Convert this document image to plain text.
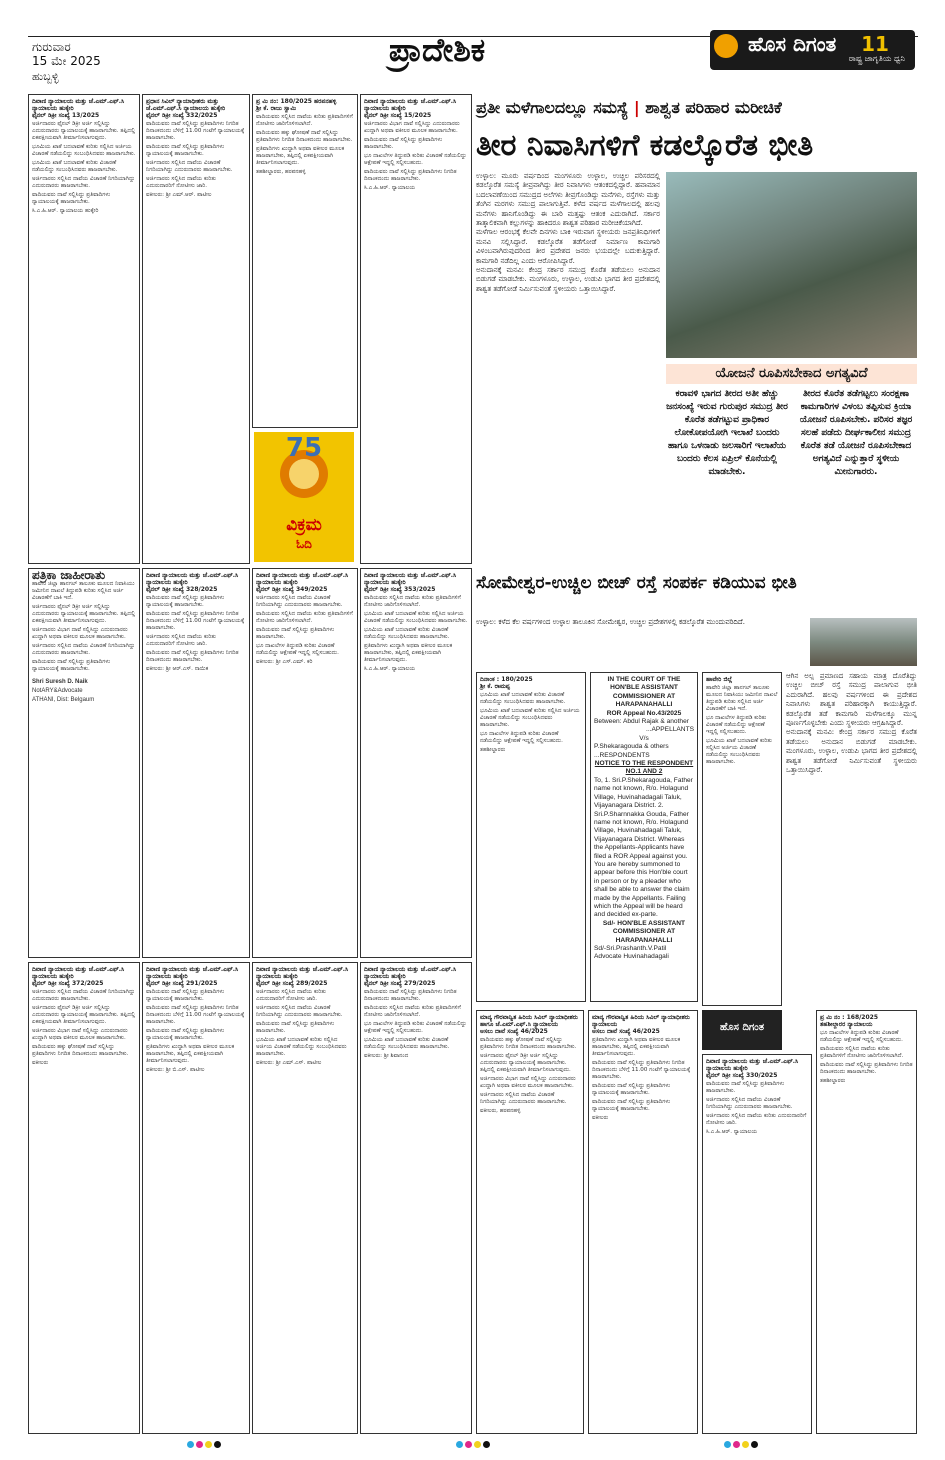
ಗುರುವಾರ
15 ಮೇ 2025
ಹುಬ್ಬಳ್ಳಿ
ಪ್ರಾದೇಶಿಕ	ಹೊಸ ದಿಗಂತ
ರಾಷ್ಟ್ರ ಜಾಗೃತಿಯ ಧ್ವನಿ
11
ದಿವಾಣಿ ನ್ಯಾಯಾಲಯ ಮತ್ತು ಜೆ.ಎಮ್.ಎಫ್.ಸಿ ನ್ಯಾಯಾಲಯ ಹುಕ್ಕೇರಿ
ಫೈನಲ್ ಡಿಕ್ರೀ ಸಂಖ್ಯೆ 13/2025
ಅರ್ಜಿದಾರರು ಫೈನಲ್ ಡಿಕ್ರೀ ಅರ್ಜಿ ಸಲ್ಲಿಸಿದ್ದು ಎದುರುದಾರರು ನ್ಯಾಯಾಲಯಕ್ಕೆ ಹಾಜರಾಗಬೇಕು. ತಪ್ಪಿದಲ್ಲಿ ಏಕಪಕ್ಷೀಯವಾಗಿ ತೀರ್ಮಾನಿಸಲಾಗುವುದು.
ಭೂಮಿಯ ಖಾತೆ ಬದಲಾವಣೆ ಕುರಿತು ಸಲ್ಲಿಸಿದ ಅರ್ಜಿಯ ವಿಚಾರಣೆ ನಡೆಯಲಿದ್ದು ಸಂಬಂಧಿಸಿದವರು ಹಾಜರಾಗಬೇಕು.
ಭೂಮಿಯ ಖಾತೆ ಬದಲಾವಣೆ ಕುರಿತು ವಿಚಾರಣೆ ನಡೆಯಲಿದ್ದು ಸಂಬಂಧಿಸಿದವರು ಹಾಜರಾಗಬೇಕು.
ಅರ್ಜಿದಾರರು ಸಲ್ಲಿಸಿದ ದಾವೆಯ ವಿಚಾರಣೆ ನಿಗದಿಯಾಗಿದ್ದು ಎದುರುದಾರರು ಹಾಜರಾಗಬೇಕು.
ವಾದಿಯವರು ದಾವೆ ಸಲ್ಲಿಸಿದ್ದು ಪ್ರತಿವಾದಿಗಳು ನ್ಯಾಯಾಲಯಕ್ಕೆ ಹಾಜರಾಗಬೇಕು.
ಸಿ.ಎ.ಹಿ.ಆರ್. ನ್ಯಾಯಾಲಯ ಹುಕ್ಕೇರಿ
ಪ್ರಧಾನ ಸಿವಿಲ್ ನ್ಯಾಯಾಧೀಶರು ಮತ್ತು ಜೆ.ಎಮ್.ಎಫ್.ಸಿ ನ್ಯಾಯಾಲಯ ಹುಕ್ಕೇರಿ
ಫೈನಲ್ ಡಿಕ್ರೀ ಸಂಖ್ಯೆ 332/2025
ವಾದಿಯವರು ದಾವೆ ಸಲ್ಲಿಸಿದ್ದು ಪ್ರತಿವಾದಿಗಳು ನಿಗದಿತ ದಿನಾಂಕದಂದು ಬೆಳಿಗ್ಗೆ 11.00 ಗಂಟೆಗೆ ನ್ಯಾಯಾಲಯಕ್ಕೆ ಹಾಜರಾಗಬೇಕು.
ವಾದಿಯವರು ದಾವೆ ಸಲ್ಲಿಸಿದ್ದು ಪ್ರತಿವಾದಿಗಳು ನ್ಯಾಯಾಲಯಕ್ಕೆ ಹಾಜರಾಗಬೇಕು.
ಅರ್ಜಿದಾರರು ಸಲ್ಲಿಸಿದ ದಾವೆಯ ವಿಚಾರಣೆ ನಿಗದಿಯಾಗಿದ್ದು ಎದುರುದಾರರು ಹಾಜರಾಗಬೇಕು.
ಅರ್ಜಿದಾರರು ಸಲ್ಲಿಸಿದ ದಾವೆಯ ಕುರಿತು ಎದುರುದಾರರಿಗೆ ನೋಟೀಸು ಜಾರಿ.
ವಕೀಲರು: ಶ್ರೀ ಎಮ್.ಆರ್. ಪಾಟೀಲ
ಪ್ರ ಮಿ ನಂ: 180/2025 ಹರಪನಹಳ್ಳಿ
ಶ್ರೀ ಕೆ. ರಾಜು ಸ್ವಾಮಿ
ವಾದಿಯವರು ಸಲ್ಲಿಸಿದ ದಾವೆಯ ಕುರಿತು ಪ್ರತಿವಾದಿಗಳಿಗೆ ನೋಟೀಸು ಜಾರಿಗೊಳಿಸಲಾಗಿದೆ.
ವಾದಿಯವರು ಹಕ್ಕು ಘೋಷಣೆ ದಾವೆ ಸಲ್ಲಿಸಿದ್ದು ಪ್ರತಿವಾದಿಗಳು ನಿಗದಿತ ದಿನಾಂಕದಂದು ಹಾಜರಾಗಬೇಕು.
ಪ್ರತಿವಾದಿಗಳು ಖುದ್ದಾಗಿ ಅಥವಾ ವಕೀಲರ ಮೂಲಕ ಹಾಜರಾಗಬೇಕು, ತಪ್ಪಿದಲ್ಲಿ ಏಕಪಕ್ಷೀಯವಾಗಿ ತೀರ್ಮಾನಿಸಲಾಗುವುದು.
ತಹಶೀಲ್ದಾರರು, ಹರಪನಹಳ್ಳಿ
ದಿವಾಣಿ ನ್ಯಾಯಾಲಯ ಮತ್ತು ಜೆ.ಎಮ್.ಎಫ್.ಸಿ ನ್ಯಾಯಾಲಯ ಹುಕ್ಕೇರಿ
ಫೈನಲ್ ಡಿಕ್ರೀ ಸಂಖ್ಯೆ 15/2025
ಅರ್ಜಿದಾರರು ವಿಭಾಗ ದಾವೆ ಸಲ್ಲಿಸಿದ್ದು ಎದುರುದಾರರು ಖುದ್ದಾಗಿ ಅಥವಾ ವಕೀಲರ ಮೂಲಕ ಹಾಜರಾಗಬೇಕು.
ವಾದಿಯವರು ದಾವೆ ಸಲ್ಲಿಸಿದ್ದು ಪ್ರತಿವಾದಿಗಳು ಹಾಜರಾಗಬೇಕು.
ಭೂ ದಾಖಲೆಗಳ ತಿದ್ದುಪಡಿ ಕುರಿತು ವಿಚಾರಣೆ ನಡೆಯಲಿದ್ದು ಆಕ್ಷೇಪಣೆ ಇದ್ದಲ್ಲಿ ಸಲ್ಲಿಸಬಹುದು.
ವಾದಿಯವರು ದಾವೆ ಸಲ್ಲಿಸಿದ್ದು ಪ್ರತಿವಾದಿಗಳು ನಿಗದಿತ ದಿನಾಂಕದಂದು ಹಾಜರಾಗಬೇಕು.
ಸಿ.ಎ.ಹಿ.ಆರ್. ನ್ಯಾಯಾಲಯ
75
ವಿಕ್ರಮ
ಓದಿ
ಪತ್ರಿಕಾ ಜಾಹೀರಾತು
ಹಾವೇರಿ ಜಿಲ್ಲಾ ಹಾನಗಲ್ ತಾಲೂಕು ಮೂಲದ ನಿವಾಸಿಯು ಜಮೀನಿನ ದಾಖಲೆ ತಿದ್ದುಪಡಿ ಕುರಿತು ಸಲ್ಲಿಸಿದ ಅರ್ಜಿ ವಿಚಾರಣೆಗೆ ಬಾಕಿ ಇದೆ.
ಅರ್ಜಿದಾರರು ಫೈನಲ್ ಡಿಕ್ರೀ ಅರ್ಜಿ ಸಲ್ಲಿಸಿದ್ದು ಎದುರುದಾರರು ನ್ಯಾಯಾಲಯಕ್ಕೆ ಹಾಜರಾಗಬೇಕು. ತಪ್ಪಿದಲ್ಲಿ ಏಕಪಕ್ಷೀಯವಾಗಿ ತೀರ್ಮಾನಿಸಲಾಗುವುದು.
ಅರ್ಜಿದಾರರು ವಿಭಾಗ ದಾವೆ ಸಲ್ಲಿಸಿದ್ದು ಎದುರುದಾರರು ಖುದ್ದಾಗಿ ಅಥವಾ ವಕೀಲರ ಮೂಲಕ ಹಾಜರಾಗಬೇಕು.
ಅರ್ಜಿದಾರರು ಸಲ್ಲಿಸಿದ ದಾವೆಯ ವಿಚಾರಣೆ ನಿಗದಿಯಾಗಿದ್ದು ಎದುರುದಾರರು ಹಾಜರಾಗಬೇಕು.
ವಾದಿಯವರು ದಾವೆ ಸಲ್ಲಿಸಿದ್ದು ಪ್ರತಿವಾದಿಗಳು ನ್ಯಾಯಾಲಯಕ್ಕೆ ಹಾಜರಾಗಬೇಕು.
Shri Suresh D. Naik
NotARY&Advocate
ATHANI, Dist: Belgaum
ದಿವಾಣಿ ನ್ಯಾಯಾಲಯ ಮತ್ತು ಜೆ.ಎಮ್.ಎಫ್.ಸಿ ನ್ಯಾಯಾಲಯ ಹುಕ್ಕೇರಿ
ಫೈನಲ್ ಡಿಕ್ರೀ ಸಂಖ್ಯೆ 328/2025
ವಾದಿಯವರು ದಾವೆ ಸಲ್ಲಿಸಿದ್ದು ಪ್ರತಿವಾದಿಗಳು ನ್ಯಾಯಾಲಯಕ್ಕೆ ಹಾಜರಾಗಬೇಕು.
ವಾದಿಯವರು ದಾವೆ ಸಲ್ಲಿಸಿದ್ದು ಪ್ರತಿವಾದಿಗಳು ನಿಗದಿತ ದಿನಾಂಕದಂದು ಬೆಳಿಗ್ಗೆ 11.00 ಗಂಟೆಗೆ ನ್ಯಾಯಾಲಯಕ್ಕೆ ಹಾಜರಾಗಬೇಕು.
ಅರ್ಜಿದಾರರು ಸಲ್ಲಿಸಿದ ದಾವೆಯ ಕುರಿತು ಎದುರುದಾರರಿಗೆ ನೋಟೀಸು ಜಾರಿ.
ವಾದಿಯವರು ದಾವೆ ಸಲ್ಲಿಸಿದ್ದು ಪ್ರತಿವಾದಿಗಳು ನಿಗದಿತ ದಿನಾಂಕದಂದು ಹಾಜರಾಗಬೇಕು.
ವಕೀಲರು: ಶ್ರೀ ಆರ್.ಎಸ್. ನಾಯಿಕ
ದಿವಾಣಿ ನ್ಯಾಯಾಲಯ ಮತ್ತು ಜೆ.ಎಮ್.ಎಫ್.ಸಿ ನ್ಯಾಯಾಲಯ ಹುಕ್ಕೇರಿ
ಫೈನಲ್ ಡಿಕ್ರೀ ಸಂಖ್ಯೆ 349/2025
ಅರ್ಜಿದಾರರು ಸಲ್ಲಿಸಿದ ದಾವೆಯ ವಿಚಾರಣೆ ನಿಗದಿಯಾಗಿದ್ದು ಎದುರುದಾರರು ಹಾಜರಾಗಬೇಕು.
ವಾದಿಯವರು ಸಲ್ಲಿಸಿದ ದಾವೆಯ ಕುರಿತು ಪ್ರತಿವಾದಿಗಳಿಗೆ ನೋಟೀಸು ಜಾರಿಗೊಳಿಸಲಾಗಿದೆ.
ವಾದಿಯವರು ದಾವೆ ಸಲ್ಲಿಸಿದ್ದು ಪ್ರತಿವಾದಿಗಳು ಹಾಜರಾಗಬೇಕು.
ಭೂ ದಾಖಲೆಗಳ ತಿದ್ದುಪಡಿ ಕುರಿತು ವಿಚಾರಣೆ ನಡೆಯಲಿದ್ದು ಆಕ್ಷೇಪಣೆ ಇದ್ದಲ್ಲಿ ಸಲ್ಲಿಸಬಹುದು.
ವಕೀಲರು: ಶ್ರೀ ಎಸ್.ಎಮ್. ಕರಿ
ದಿವಾಣಿ ನ್ಯಾಯಾಲಯ ಮತ್ತು ಜೆ.ಎಮ್.ಎಫ್.ಸಿ ನ್ಯಾಯಾಲಯ ಹುಕ್ಕೇರಿ
ಫೈನಲ್ ಡಿಕ್ರೀ ಸಂಖ್ಯೆ 353/2025
ವಾದಿಯವರು ಸಲ್ಲಿಸಿದ ದಾವೆಯ ಕುರಿತು ಪ್ರತಿವಾದಿಗಳಿಗೆ ನೋಟೀಸು ಜಾರಿಗೊಳಿಸಲಾಗಿದೆ.
ಭೂಮಿಯ ಖಾತೆ ಬದಲಾವಣೆ ಕುರಿತು ಸಲ್ಲಿಸಿದ ಅರ್ಜಿಯ ವಿಚಾರಣೆ ನಡೆಯಲಿದ್ದು ಸಂಬಂಧಿಸಿದವರು ಹಾಜರಾಗಬೇಕು.
ಭೂಮಿಯ ಖಾತೆ ಬದಲಾವಣೆ ಕುರಿತು ವಿಚಾರಣೆ ನಡೆಯಲಿದ್ದು ಸಂಬಂಧಿಸಿದವರು ಹಾಜರಾಗಬೇಕು.
ಪ್ರತಿವಾದಿಗಳು ಖುದ್ದಾಗಿ ಅಥವಾ ವಕೀಲರ ಮೂಲಕ ಹಾಜರಾಗಬೇಕು, ತಪ್ಪಿದಲ್ಲಿ ಏಕಪಕ್ಷೀಯವಾಗಿ ತೀರ್ಮಾನಿಸಲಾಗುವುದು.
ಸಿ.ಎ.ಹಿ.ಆರ್. ನ್ಯಾಯಾಲಯ
ದಿವಾಣಿ ನ್ಯಾಯಾಲಯ ಮತ್ತು ಜೆ.ಎಮ್.ಎಫ್.ಸಿ ನ್ಯಾಯಾಲಯ ಹುಕ್ಕೇರಿ
ಫೈನಲ್ ಡಿಕ್ರೀ ಸಂಖ್ಯೆ 372/2025
ಅರ್ಜಿದಾರರು ಸಲ್ಲಿಸಿದ ದಾವೆಯ ವಿಚಾರಣೆ ನಿಗದಿಯಾಗಿದ್ದು ಎದುರುದಾರರು ಹಾಜರಾಗಬೇಕು.
ಅರ್ಜಿದಾರರು ಫೈನಲ್ ಡಿಕ್ರೀ ಅರ್ಜಿ ಸಲ್ಲಿಸಿದ್ದು ಎದುರುದಾರರು ನ್ಯಾಯಾಲಯಕ್ಕೆ ಹಾಜರಾಗಬೇಕು. ತಪ್ಪಿದಲ್ಲಿ ಏಕಪಕ್ಷೀಯವಾಗಿ ತೀರ್ಮಾನಿಸಲಾಗುವುದು.
ಅರ್ಜಿದಾರರು ವಿಭಾಗ ದಾವೆ ಸಲ್ಲಿಸಿದ್ದು ಎದುರುದಾರರು ಖುದ್ದಾಗಿ ಅಥವಾ ವಕೀಲರ ಮೂಲಕ ಹಾಜರಾಗಬೇಕು.
ವಾದಿಯವರು ಹಕ್ಕು ಘೋಷಣೆ ದಾವೆ ಸಲ್ಲಿಸಿದ್ದು ಪ್ರತಿವಾದಿಗಳು ನಿಗದಿತ ದಿನಾಂಕದಂದು ಹಾಜರಾಗಬೇಕು.
ವಕೀಲರು
ದಿವಾಣಿ ನ್ಯಾಯಾಲಯ ಮತ್ತು ಜೆ.ಎಮ್.ಎಫ್.ಸಿ ನ್ಯಾಯಾಲಯ ಹುಕ್ಕೇರಿ
ಫೈನಲ್ ಡಿಕ್ರೀ ಸಂಖ್ಯೆ 291/2025
ವಾದಿಯವರು ದಾವೆ ಸಲ್ಲಿಸಿದ್ದು ಪ್ರತಿವಾದಿಗಳು ನ್ಯಾಯಾಲಯಕ್ಕೆ ಹಾಜರಾಗಬೇಕು.
ವಾದಿಯವರು ದಾವೆ ಸಲ್ಲಿಸಿದ್ದು ಪ್ರತಿವಾದಿಗಳು ನಿಗದಿತ ದಿನಾಂಕದಂದು ಬೆಳಿಗ್ಗೆ 11.00 ಗಂಟೆಗೆ ನ್ಯಾಯಾಲಯಕ್ಕೆ ಹಾಜರಾಗಬೇಕು.
ವಾದಿಯವರು ದಾವೆ ಸಲ್ಲಿಸಿದ್ದು ಪ್ರತಿವಾದಿಗಳು ನ್ಯಾಯಾಲಯಕ್ಕೆ ಹಾಜರಾಗಬೇಕು.
ಪ್ರತಿವಾದಿಗಳು ಖುದ್ದಾಗಿ ಅಥವಾ ವಕೀಲರ ಮೂಲಕ ಹಾಜರಾಗಬೇಕು, ತಪ್ಪಿದಲ್ಲಿ ಏಕಪಕ್ಷೀಯವಾಗಿ ತೀರ್ಮಾನಿಸಲಾಗುವುದು.
ವಕೀಲರು: ಶ್ರೀ ಬಿ.ಎಸ್. ಪಾಟೀಲ
ದಿವಾಣಿ ನ್ಯಾಯಾಲಯ ಮತ್ತು ಜೆ.ಎಮ್.ಎಫ್.ಸಿ ನ್ಯಾಯಾಲಯ ಹುಕ್ಕೇರಿ
ಫೈನಲ್ ಡಿಕ್ರೀ ಸಂಖ್ಯೆ 289/2025
ಅರ್ಜಿದಾರರು ಸಲ್ಲಿಸಿದ ದಾವೆಯ ಕುರಿತು ಎದುರುದಾರರಿಗೆ ನೋಟೀಸು ಜಾರಿ.
ಅರ್ಜಿದಾರರು ಸಲ್ಲಿಸಿದ ದಾವೆಯ ವಿಚಾರಣೆ ನಿಗದಿಯಾಗಿದ್ದು ಎದುರುದಾರರು ಹಾಜರಾಗಬೇಕು.
ವಾದಿಯವರು ದಾವೆ ಸಲ್ಲಿಸಿದ್ದು ಪ್ರತಿವಾದಿಗಳು ಹಾಜರಾಗಬೇಕು.
ಭೂಮಿಯ ಖಾತೆ ಬದಲಾವಣೆ ಕುರಿತು ಸಲ್ಲಿಸಿದ ಅರ್ಜಿಯ ವಿಚಾರಣೆ ನಡೆಯಲಿದ್ದು ಸಂಬಂಧಿಸಿದವರು ಹಾಜರಾಗಬೇಕು.
ವಕೀಲರು: ಶ್ರೀ ಎಮ್.ಎಸ್. ಪಾಟೀಲ
ದಿವಾಣಿ ನ್ಯಾಯಾಲಯ ಮತ್ತು ಜೆ.ಎಮ್.ಎಫ್.ಸಿ ನ್ಯಾಯಾಲಯ ಹುಕ್ಕೇರಿ
ಫೈನಲ್ ಡಿಕ್ರೀ ಸಂಖ್ಯೆ 279/2025
ವಾದಿಯವರು ದಾವೆ ಸಲ್ಲಿಸಿದ್ದು ಪ್ರತಿವಾದಿಗಳು ನಿಗದಿತ ದಿನಾಂಕದಂದು ಹಾಜರಾಗಬೇಕು.
ವಾದಿಯವರು ಸಲ್ಲಿಸಿದ ದಾವೆಯ ಕುರಿತು ಪ್ರತಿವಾದಿಗಳಿಗೆ ನೋಟೀಸು ಜಾರಿಗೊಳಿಸಲಾಗಿದೆ.
ಭೂ ದಾಖಲೆಗಳ ತಿದ್ದುಪಡಿ ಕುರಿತು ವಿಚಾರಣೆ ನಡೆಯಲಿದ್ದು ಆಕ್ಷೇಪಣೆ ಇದ್ದಲ್ಲಿ ಸಲ್ಲಿಸಬಹುದು.
ಭೂಮಿಯ ಖಾತೆ ಬದಲಾವಣೆ ಕುರಿತು ವಿಚಾರಣೆ ನಡೆಯಲಿದ್ದು ಸಂಬಂಧಿಸಿದವರು ಹಾಜರಾಗಬೇಕು.
ವಕೀಲರು: ಶ್ರೀ ಶಿವಾನಂದ
ಪ್ರತೀ ಮಳೆಗಾಲದಲ್ಲೂ ಸಮಸ್ಯೆ | ಶಾಶ್ವತ ಪರಿಹಾರ ಮರೀಚಿಕೆ
ತೀರ ನಿವಾಸಿಗಳಿಗೆ ಕಡಲ್ಕೊರೆತ ಭೀತಿ
ಉಳ್ಳಾಲ: ಮೂರು ವರ್ಷದಿಂದ ಮಂಗಳೂರು ಉಳ್ಳಾಲ, ಉಚ್ಚಿಲ ಪರಿಸರದಲ್ಲಿ ಕಡಲ್ಕೊರೆತ ಸಮಸ್ಯೆ ತೀವ್ರವಾಗಿದ್ದು ತೀರ ನಿವಾಸಿಗಳು ಆತಂಕದಲ್ಲಿದ್ದಾರೆ. ಹವಾಮಾನ ಬದಲಾವಣೆಯಿಂದ ಸಮುದ್ರದ ಅಲೆಗಳು ತೀವ್ರಗೊಂಡಿದ್ದು ಮನೆಗಳು, ರಸ್ತೆಗಳು ಮತ್ತು ತೆಂಗಿನ ಮರಗಳು ಸಮುದ್ರ ಪಾಲಾಗುತ್ತಿವೆ. ಕಳೆದ ವರ್ಷದ ಮಳೆಗಾಲದಲ್ಲಿ ಹಲವು ಮನೆಗಳು ಹಾನಿಗೊಂಡಿದ್ದು ಈ ಬಾರಿ ಮತ್ತಷ್ಟು ಆತಂಕ ಎದುರಾಗಿದೆ. ಸರ್ಕಾರ ತಾತ್ಕಾಲಿಕವಾಗಿ ಕಲ್ಲುಗಳನ್ನು ಹಾಕಿದರೂ ಶಾಶ್ವತ ಪರಿಹಾರ ಮರೀಚಿಕೆಯಾಗಿದೆ.
ಮಳೆಗಾಲ ಆರಂಭಕ್ಕೆ ಕೆಲವೇ ದಿನಗಳು ಬಾಕಿ ಇರುವಾಗ ಸ್ಥಳೀಯರು ಜನಪ್ರತಿನಿಧಿಗಳಿಗೆ ಮನವಿ ಸಲ್ಲಿಸಿದ್ದಾರೆ. ಕಡಲ್ಕೊರೆತ ತಡೆಗೋಡೆ ನಿರ್ಮಾಣ ಕಾಮಗಾರಿ ವಿಳಂಬವಾಗಿರುವುದರಿಂದ ತೀರ ಪ್ರದೇಶದ ಜನರು ಭಯದಲ್ಲೇ ಬದುಕುತ್ತಿದ್ದಾರೆ. ಕಾಮಗಾರಿ ನಡೆದಿಲ್ಲ ಎಂದು ಆರೋಪಿಸಿದ್ದಾರೆ.
ಅನುದಾನಕ್ಕೆ ಮನವಿ: ಕೇಂದ್ರ ಸರ್ಕಾರ ಸಮುದ್ರ ಕೊರೆತ ತಡೆಯಲು ಅನುದಾನ ಬಿಡುಗಡೆ ಮಾಡಬೇಕು. ಮಂಗಳೂರು, ಉಳ್ಳಾಲ, ಉಡುಪಿ ಭಾಗದ ತೀರ ಪ್ರದೇಶದಲ್ಲಿ ಶಾಶ್ವತ ತಡೆಗೋಡೆ ನಿರ್ಮಿಸುವಂತೆ ಸ್ಥಳೀಯರು ಒತ್ತಾಯಿಸಿದ್ದಾರೆ.
ಯೋಜನೆ ರೂಪಿಸಬೇಕಾದ ಅಗತ್ಯವಿದೆ
ಕರಾವಳಿ ಭಾಗದ ತೀರದ ಅತೀ ಹೆಚ್ಚು ಜನಸಂಖ್ಯೆ ಇರುವ ಗುರುಪುರ ಸಮುದ್ರ ತೀರ ಕೊರೆತ ತಡೆಗಟ್ಟುವ ಪ್ರಾಧಿಕಾರ ಲೋಕೋಪಯೋಗಿ ಇಲಾಖೆ ಬಂದರು ಹಾಗೂ ಒಳನಾಡು ಜಲಸಾರಿಗೆ ಇಲಾಖೆಯ ಬಂದರು ಕೆಲಸ ಏಪ್ರಿಲ್ ಕೊನೆಯಲ್ಲಿ ಮಾಡಬೇಕು.
ತೀರದ ಕೊರೆತ ತಡೆಗಟ್ಟಲು ಸಂರಕ್ಷಣಾ ಕಾಮಗಾರಿಗಳ ವಿಳಂಬ ತಪ್ಪಿಸುವ ಕ್ರಿಯಾ ಯೋಜನೆ ರೂಪಿಸಬೇಕು. ಪರಿಸರ ತಜ್ಞರ ಸಲಹೆ ಪಡೆದು ದೀರ್ಘಕಾಲೀನ ಸಮುದ್ರ ಕೊರೆತ ತಡೆ ಯೋಜನೆ ರೂಪಿಸಬೇಕಾದ ಅಗತ್ಯವಿದೆ ಎನ್ನುತ್ತಾರೆ ಸ್ಥಳೀಯ ಮೀನುಗಾರರು.
ಸೋಮೇಶ್ವರ-ಉಚ್ಚಿಲ ಬೀಚ್ ರಸ್ತೆ ಸಂಪರ್ಕ ಕಡಿಯುವ ಭೀತಿ
ಉಳ್ಳಾಲ: ಕಳೆದ ಕೆಲ ವರ್ಷಗಳಿಂದ ಉಳ್ಳಾಲ ತಾಲೂಕಿನ ಸೋಮೇಶ್ವರ, ಉಚ್ಚಿಲ ಪ್ರದೇಶಗಳಲ್ಲಿ ಕಡಲ್ಕೊರೆತ ಮುಂದುವರಿದಿದೆ.
ದಿನಾಂಕ : 180/2025
ಶ್ರೀ ಕೆ. ರಾಮಪ್ಪ
ಭೂಮಿಯ ಖಾತೆ ಬದಲಾವಣೆ ಕುರಿತು ವಿಚಾರಣೆ ನಡೆಯಲಿದ್ದು ಸಂಬಂಧಿಸಿದವರು ಹಾಜರಾಗಬೇಕು.
ಭೂಮಿಯ ಖಾತೆ ಬದಲಾವಣೆ ಕುರಿತು ಸಲ್ಲಿಸಿದ ಅರ್ಜಿಯ ವಿಚಾರಣೆ ನಡೆಯಲಿದ್ದು ಸಂಬಂಧಿಸಿದವರು ಹಾಜರಾಗಬೇಕು.
ಭೂ ದಾಖಲೆಗಳ ತಿದ್ದುಪಡಿ ಕುರಿತು ವಿಚಾರಣೆ ನಡೆಯಲಿದ್ದು ಆಕ್ಷೇಪಣೆ ಇದ್ದಲ್ಲಿ ಸಲ್ಲಿಸಬಹುದು.
ತಹಶೀಲ್ದಾರರು
IN THE COURT OF THE HON'BLE ASSISTANT COMMISSIONER AT HARAPANAHALLI
ROR Appeal No.43/2025
Between: Abdul Rajak & another
...APPELLANTS
V/s
P.Shekaragouda & others ...RESPONDENTS
NOTICE TO THE RESPONDENT NO.1 AND 2
To, 1. Sri.P.Shekaragouda, Father name not known, R/o. Holagund Village, Huvinahadagali Taluk, Vijayanagara District. 2. Sri.P.Sharnnakka Gouda, Father name not known, R/o. Holagund Village, Huvinahadagali Taluk, Vijayanagara District. Whereas the Appellants-Applicants have filed a ROR Appeal against you. You are hereby summoned to appear before this Hon'ble court in person or by a pleader who shall be able to answer the claim made by the Appellants. Failing which the Appeal will be heard and decided ex-parte.
Sd/- HON'BLE ASSISTANT COMMISSIONER AT HARAPANAHALLI
Sd/-Sri.Prashanth.V.Patil Advocate Huvinahadagali
ಹಾವೇರಿ ಜಿಲ್ಲೆ
ಹಾವೇರಿ ಜಿಲ್ಲಾ ಹಾನಗಲ್ ತಾಲೂಕು ಮೂಲದ ನಿವಾಸಿಯು ಜಮೀನಿನ ದಾಖಲೆ ತಿದ್ದುಪಡಿ ಕುರಿತು ಸಲ್ಲಿಸಿದ ಅರ್ಜಿ ವಿಚಾರಣೆಗೆ ಬಾಕಿ ಇದೆ.
ಭೂ ದಾಖಲೆಗಳ ತಿದ್ದುಪಡಿ ಕುರಿತು ವಿಚಾರಣೆ ನಡೆಯಲಿದ್ದು ಆಕ್ಷೇಪಣೆ ಇದ್ದಲ್ಲಿ ಸಲ್ಲಿಸಬಹುದು.
ಭೂಮಿಯ ಖಾತೆ ಬದಲಾವಣೆ ಕುರಿತು ಸಲ್ಲಿಸಿದ ಅರ್ಜಿಯ ವಿಚಾರಣೆ ನಡೆಯಲಿದ್ದು ಸಂಬಂಧಿಸಿದವರು ಹಾಜರಾಗಬೇಕು.
ಹೊಸ ದಿಗಂತ
ಆಗಿನ ಅಲ್ಪ ಪ್ರಮಾಣದ ಸಹಾಯ ಮಾತ್ರ ದೊರೆತಿದ್ದು ಉಚ್ಚಿಲ ಬೀಚ್ ರಸ್ತೆ ಸಮುದ್ರ ಪಾಲಾಗುವ ಭೀತಿ ಎದುರಾಗಿದೆ. ಹಲವು ವರ್ಷಗಳಿಂದ ಈ ಪ್ರದೇಶದ ನಿವಾಸಿಗಳು ಶಾಶ್ವತ ಪರಿಹಾರಕ್ಕಾಗಿ ಕಾಯುತ್ತಿದ್ದಾರೆ. ಕಡಲ್ಕೊರೆತ ತಡೆ ಕಾಮಗಾರಿ ಮಳೆಗಾಲಕ್ಕೂ ಮುನ್ನ ಪೂರ್ಣಗೊಳ್ಳಬೇಕು ಎಂದು ಸ್ಥಳೀಯರು ಆಗ್ರಹಿಸಿದ್ದಾರೆ.
ಅನುದಾನಕ್ಕೆ ಮನವಿ: ಕೇಂದ್ರ ಸರ್ಕಾರ ಸಮುದ್ರ ಕೊರೆತ ತಡೆಯಲು ಅನುದಾನ ಬಿಡುಗಡೆ ಮಾಡಬೇಕು. ಮಂಗಳೂರು, ಉಳ್ಳಾಲ, ಉಡುಪಿ ಭಾಗದ ತೀರ ಪ್ರದೇಶದಲ್ಲಿ ಶಾಶ್ವತ ತಡೆಗೋಡೆ ನಿರ್ಮಿಸುವಂತೆ ಸ್ಥಳೀಯರು ಒತ್ತಾಯಿಸಿದ್ದಾರೆ.
ಮಾನ್ಯ ಗೌರವಾನ್ವಿತ ಹಿರಿಯ ಸಿವಿಲ್ ನ್ಯಾಯಾಧೀಶರು ಹಾಗೂ ಜೆ.ಎಮ್.ಎಫ್.ಸಿ ನ್ಯಾಯಾಲಯ
ಅಸಲು ದಾವೆ ಸಂಖ್ಯೆ 46/2025
ವಾದಿಯವರು ಹಕ್ಕು ಘೋಷಣೆ ದಾವೆ ಸಲ್ಲಿಸಿದ್ದು ಪ್ರತಿವಾದಿಗಳು ನಿಗದಿತ ದಿನಾಂಕದಂದು ಹಾಜರಾಗಬೇಕು.
ಅರ್ಜಿದಾರರು ಫೈನಲ್ ಡಿಕ್ರೀ ಅರ್ಜಿ ಸಲ್ಲಿಸಿದ್ದು ಎದುರುದಾರರು ನ್ಯಾಯಾಲಯಕ್ಕೆ ಹಾಜರಾಗಬೇಕು. ತಪ್ಪಿದಲ್ಲಿ ಏಕಪಕ್ಷೀಯವಾಗಿ ತೀರ್ಮಾನಿಸಲಾಗುವುದು.
ಅರ್ಜಿದಾರರು ವಿಭಾಗ ದಾವೆ ಸಲ್ಲಿಸಿದ್ದು ಎದುರುದಾರರು ಖುದ್ದಾಗಿ ಅಥವಾ ವಕೀಲರ ಮೂಲಕ ಹಾಜರಾಗಬೇಕು.
ಅರ್ಜಿದಾರರು ಸಲ್ಲಿಸಿದ ದಾವೆಯ ವಿಚಾರಣೆ ನಿಗದಿಯಾಗಿದ್ದು ಎದುರುದಾರರು ಹಾಜರಾಗಬೇಕು.
ವಕೀಲರು, ಹರಪನಹಳ್ಳಿ
ಮಾನ್ಯ ಗೌರವಾನ್ವಿತ ಹಿರಿಯ ಸಿವಿಲ್ ನ್ಯಾಯಾಧೀಶರು ನ್ಯಾಯಾಲಯ
ಅಸಲು ದಾವೆ ಸಂಖ್ಯೆ 46/2025
ಪ್ರತಿವಾದಿಗಳು ಖುದ್ದಾಗಿ ಅಥವಾ ವಕೀಲರ ಮೂಲಕ ಹಾಜರಾಗಬೇಕು, ತಪ್ಪಿದಲ್ಲಿ ಏಕಪಕ್ಷೀಯವಾಗಿ ತೀರ್ಮಾನಿಸಲಾಗುವುದು.
ವಾದಿಯವರು ದಾವೆ ಸಲ್ಲಿಸಿದ್ದು ಪ್ರತಿವಾದಿಗಳು ನಿಗದಿತ ದಿನಾಂಕದಂದು ಬೆಳಿಗ್ಗೆ 11.00 ಗಂಟೆಗೆ ನ್ಯಾಯಾಲಯಕ್ಕೆ ಹಾಜರಾಗಬೇಕು.
ವಾದಿಯವರು ದಾವೆ ಸಲ್ಲಿಸಿದ್ದು ಪ್ರತಿವಾದಿಗಳು ನ್ಯಾಯಾಲಯಕ್ಕೆ ಹಾಜರಾಗಬೇಕು.
ವಾದಿಯವರು ದಾವೆ ಸಲ್ಲಿಸಿದ್ದು ಪ್ರತಿವಾದಿಗಳು ನ್ಯಾಯಾಲಯಕ್ಕೆ ಹಾಜರಾಗಬೇಕು.
ವಕೀಲರು
ದಿವಾಣಿ ನ್ಯಾಯಾಲಯ ಮತ್ತು ಜೆ.ಎಮ್.ಎಫ್.ಸಿ ನ್ಯಾಯಾಲಯ ಹುಕ್ಕೇರಿ
ಫೈನಲ್ ಡಿಕ್ರೀ ಸಂಖ್ಯೆ 330/2025
ವಾದಿಯವರು ದಾವೆ ಸಲ್ಲಿಸಿದ್ದು ಪ್ರತಿವಾದಿಗಳು ಹಾಜರಾಗಬೇಕು.
ಅರ್ಜಿದಾರರು ಸಲ್ಲಿಸಿದ ದಾವೆಯ ವಿಚಾರಣೆ ನಿಗದಿಯಾಗಿದ್ದು ಎದುರುದಾರರು ಹಾಜರಾಗಬೇಕು.
ಅರ್ಜಿದಾರರು ಸಲ್ಲಿಸಿದ ದಾವೆಯ ಕುರಿತು ಎದುರುದಾರರಿಗೆ ನೋಟೀಸು ಜಾರಿ.
ಸಿ.ಎ.ಹಿ.ಆರ್. ನ್ಯಾಯಾಲಯ
ಪ್ರ ಮಿ ನಂ : 168/2025
ತಹಶೀಲ್ದಾರರ ನ್ಯಾಯಾಲಯ
ಭೂ ದಾಖಲೆಗಳ ತಿದ್ದುಪಡಿ ಕುರಿತು ವಿಚಾರಣೆ ನಡೆಯಲಿದ್ದು ಆಕ್ಷೇಪಣೆ ಇದ್ದಲ್ಲಿ ಸಲ್ಲಿಸಬಹುದು.
ವಾದಿಯವರು ಸಲ್ಲಿಸಿದ ದಾವೆಯ ಕುರಿತು ಪ್ರತಿವಾದಿಗಳಿಗೆ ನೋಟೀಸು ಜಾರಿಗೊಳಿಸಲಾಗಿದೆ.
ವಾದಿಯವರು ದಾವೆ ಸಲ್ಲಿಸಿದ್ದು ಪ್ರತಿವಾದಿಗಳು ನಿಗದಿತ ದಿನಾಂಕದಂದು ಹಾಜರಾಗಬೇಕು.
ತಹಶೀಲ್ದಾರರು
